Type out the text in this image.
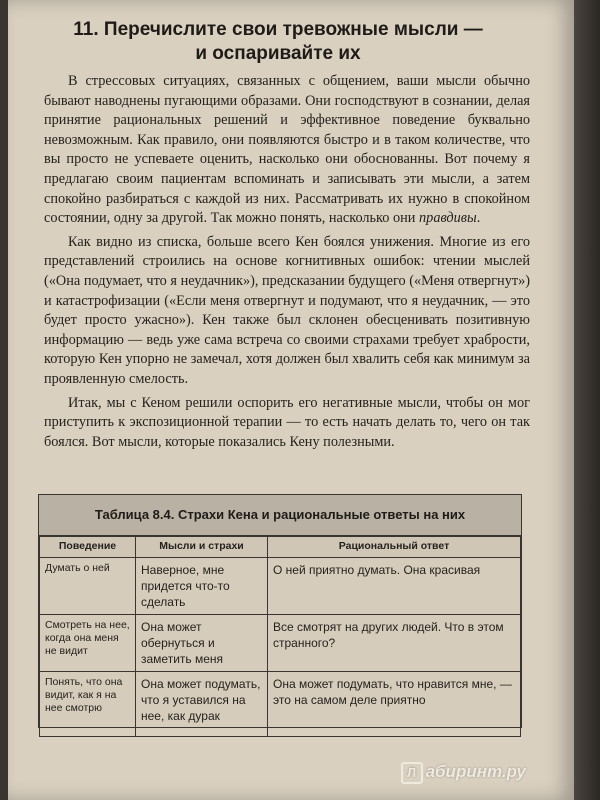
11. Перечислите свои тревожные мысли —
и оспаривайте их

В стрессовых ситуациях, связанных с общением, ваши мысли обычно бывают наводнены пугающими образами. Они господствуют в сознании, делая принятие рациональных решений и эффективное поведение буквально невозможным. Как правило, они появляются быстро и в таком количестве, что вы просто не успеваете оценить, насколько они обоснованны. Вот почему я предлагаю своим пациентам вспоминать и записывать эти мысли, а затем спокойно разбираться с каждой из них. Рассматривать их нужно в спокойном состоянии, одну за другой. Так можно понять, насколько они правдивы.

Как видно из списка, больше всего Кен боялся унижения. Многие из его представлений строились на основе когнитивных ошибок: чтении мыслей («Она подумает, что я неудачник»), предсказании будущего («Меня отвергнут») и катастрофизации («Если меня отвергнут и подумают, что я неудачник, — это будет просто ужасно»). Кен также был склонен обесценивать позитивную информацию — ведь уже сама встреча со своими страхами требует храбрости, которую Кен упорно не замечал, хотя должен был хвалить себя как минимум за проявленную смелость.

Итак, мы с Кеном решили оспорить его негативные мысли, чтобы он мог приступить к экспозиционной терапии — то есть начать делать то, чего он так боялся. Вот мысли, которые показались Кену полезными.

Таблица 8.4. Страхи Кена и рациональные ответы на них
Поведение	Мысли и страхи	Рациональный ответ
Думать о ней	Наверное, мне придется что-то сделать	О ней приятно думать. Она красивая
Смотреть на нее, когда она меня не видит	Она может обернуться и заметить меня	Все смотрят на других людей. Что в этом странного?
Понять, что она видит, как я на нее смотрю	Она может подумать, что я уставился на нее, как дурак	Она может подумать, что нравится мне, — это на самом деле приятно
Л абиринт.ру
